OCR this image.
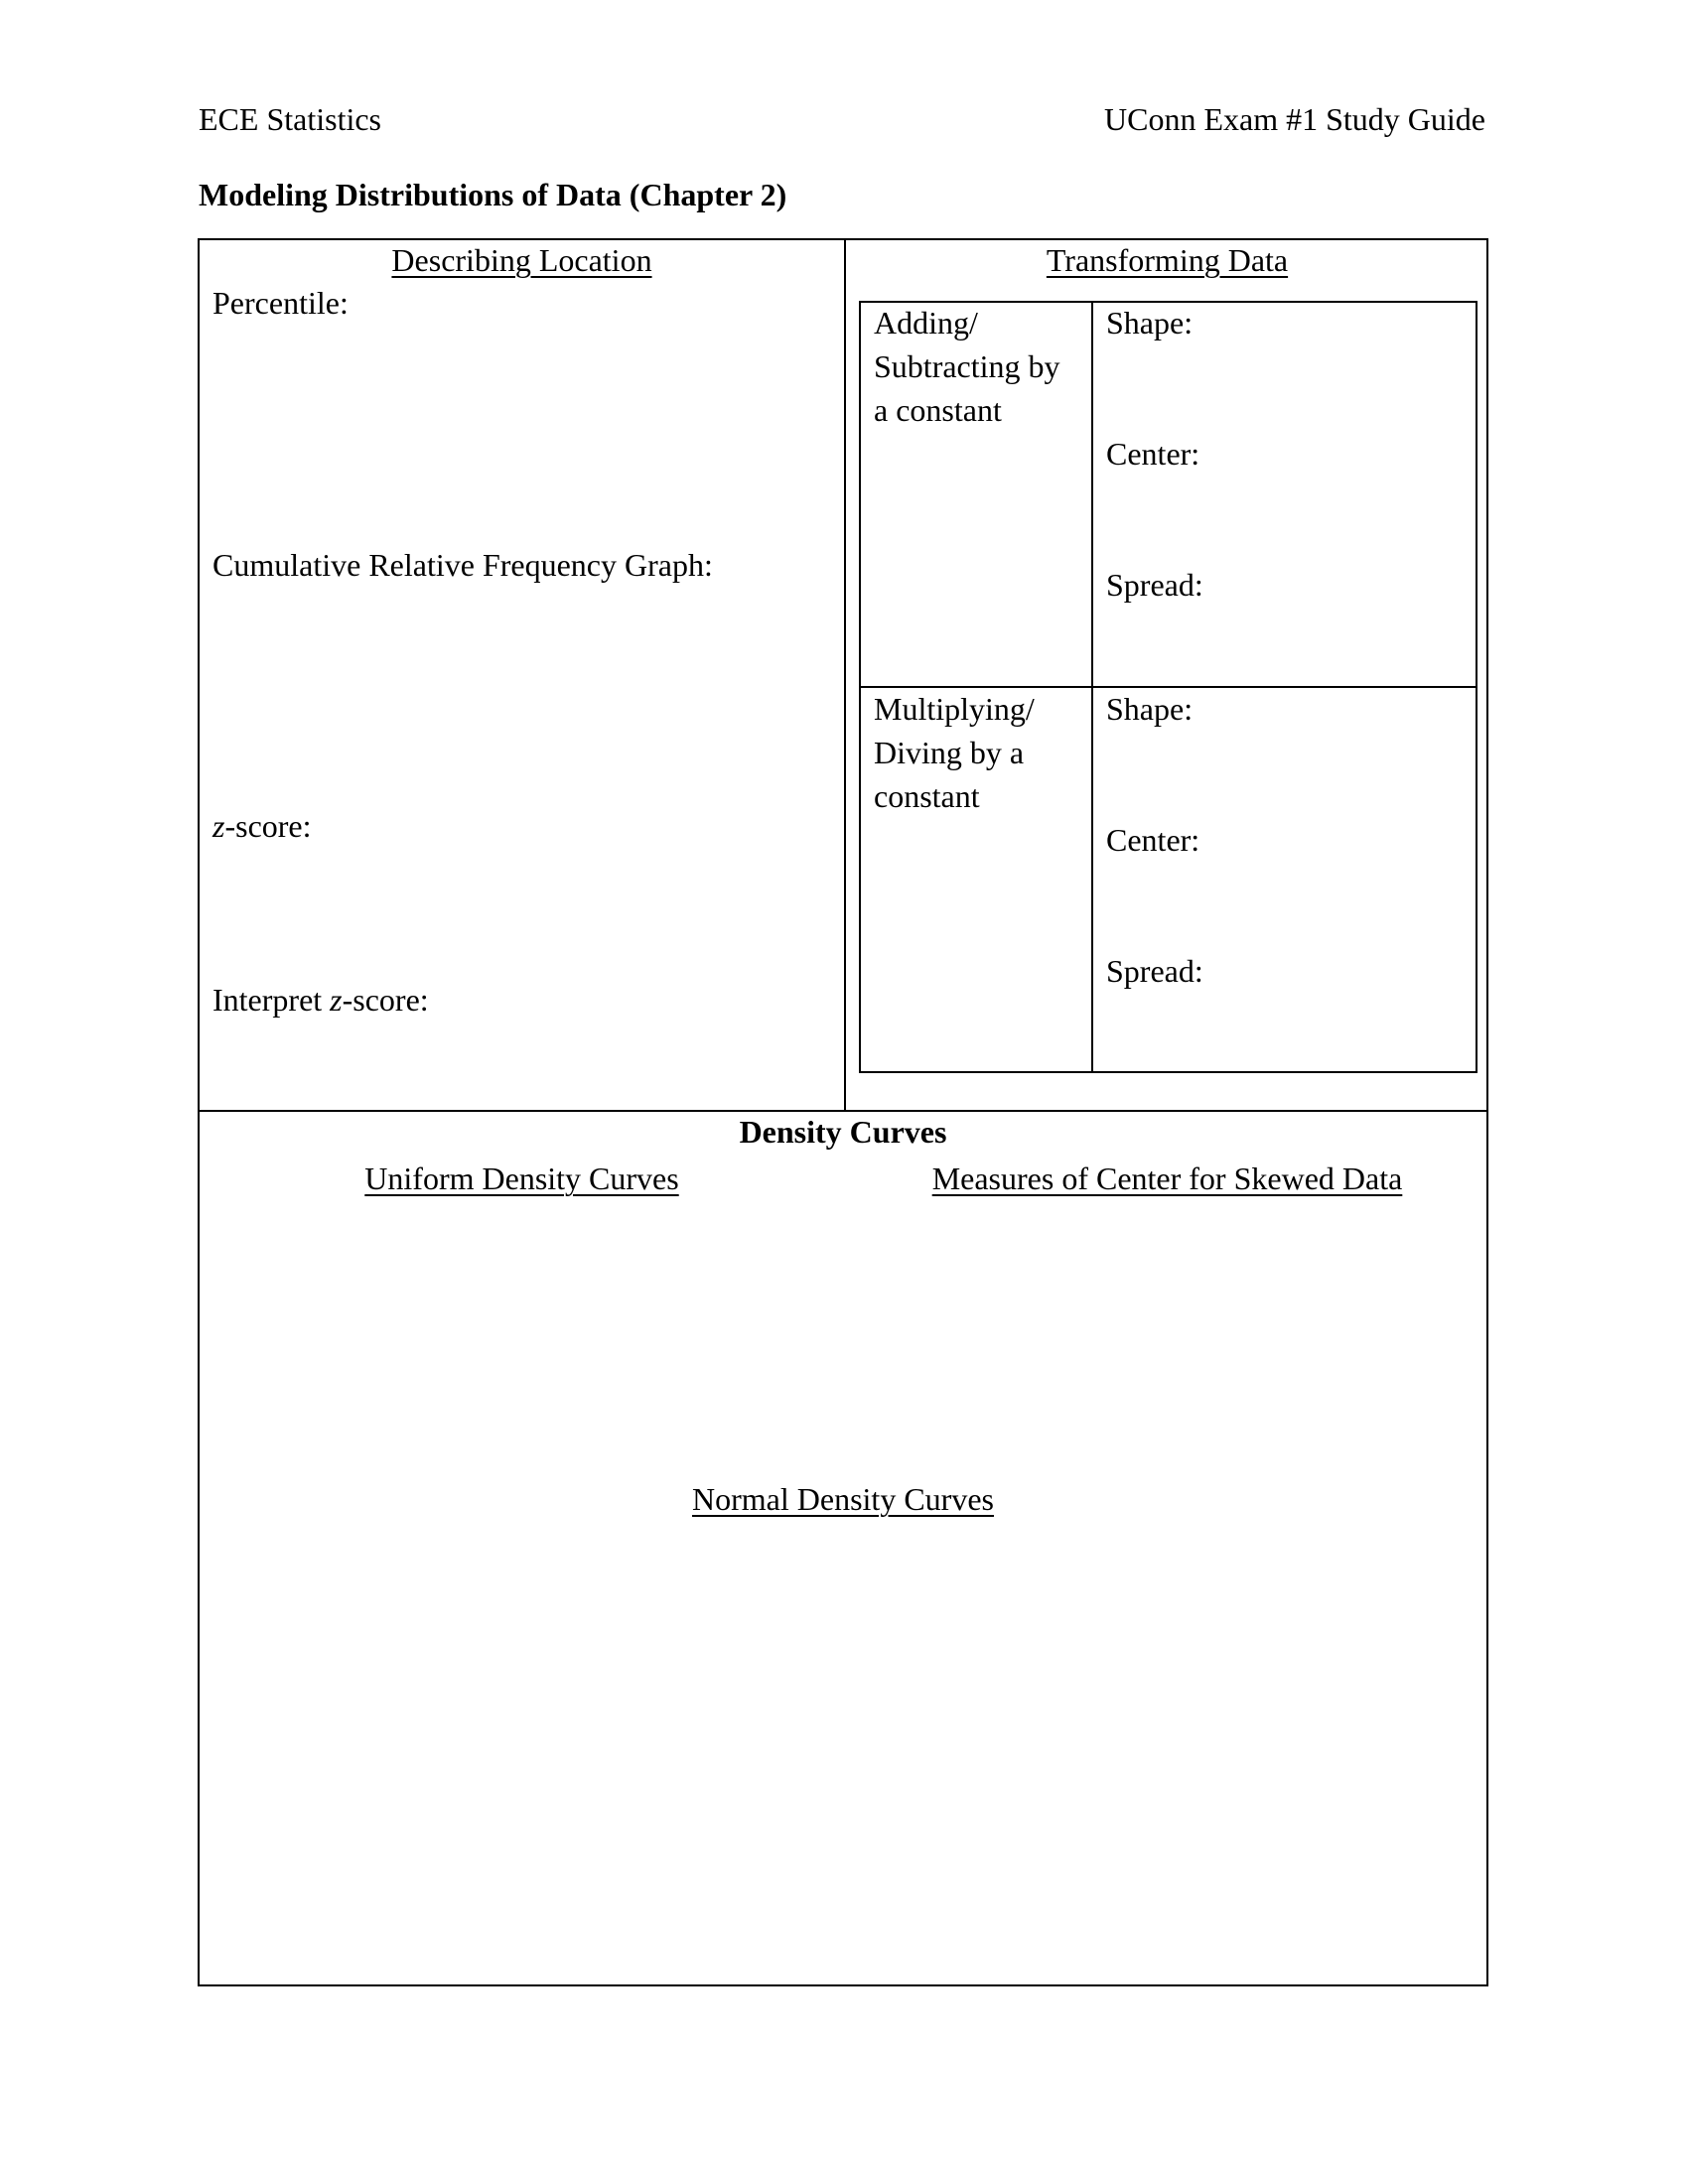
ECE Statistics	UConn Exam #1 Study Guide
Modeling Distributions of Data (Chapter 2)
Describing Location
Percentile:
Cumulative Relative Frequency Graph:
z-score:
Interpret z-score:
Transforming Data
Adding/
Subtracting by
a constant
Shape:
Center:
Spread:
Multiplying/
Diving by a
constant
Shape:
Center:
Spread:
Density Curves
Uniform Density Curves	Measures of Center for Skewed Data
Normal Density Curves
